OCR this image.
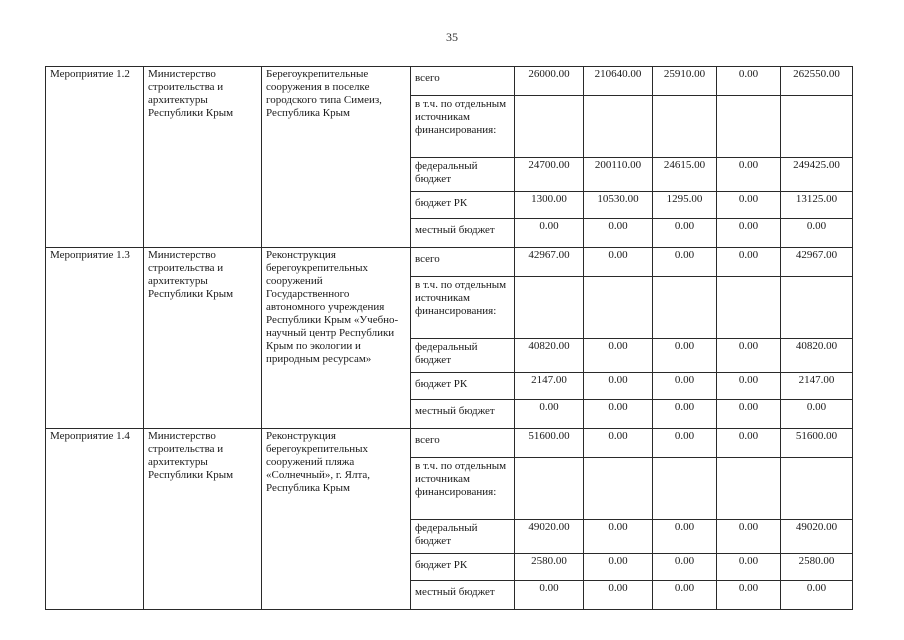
35
Мероприятие 1.2	Министерство строительства и архитектуры Республики Крым	Берегоукрепительные сооружения в поселке городского типа Симеиз, Республика Крым	всего	26000.00	210640.00	25910.00	0.00	262550.00
			в т.ч. по отдельным источникам финансирования:					
			федеральный бюджет	24700.00	200110.00	24615.00	0.00	249425.00
			бюджет РК	1300.00	10530.00	1295.00	0.00	13125.00
			местный бюджет	0.00	0.00	0.00	0.00	0.00
Мероприятие 1.3	Министерство строительства и архитектуры Республики Крым	Реконструкция берегоукрепительных сооружений Государственного автономного учреждения Республики Крым «Учебно-научный центр Республики Крым по экологии и природным ресурсам»	всего	42967.00	0.00	0.00	0.00	42967.00
			в т.ч. по отдельным источникам финансирования:					
			федеральный бюджет	40820.00	0.00	0.00	0.00	40820.00
			бюджет РК	2147.00	0.00	0.00	0.00	2147.00
			местный бюджет	0.00	0.00	0.00	0.00	0.00
Мероприятие 1.4	Министерство строительства и архитектуры Республики Крым	Реконструкция берегоукрепительных сооружений пляжа «Солнечный», г. Ялта, Республика Крым	всего	51600.00	0.00	0.00	0.00	51600.00
			в т.ч. по отдельным источникам финансирования:					
			федеральный бюджет	49020.00	0.00	0.00	0.00	49020.00
			бюджет РК	2580.00	0.00	0.00	0.00	2580.00
			местный бюджет	0.00	0.00	0.00	0.00	0.00
